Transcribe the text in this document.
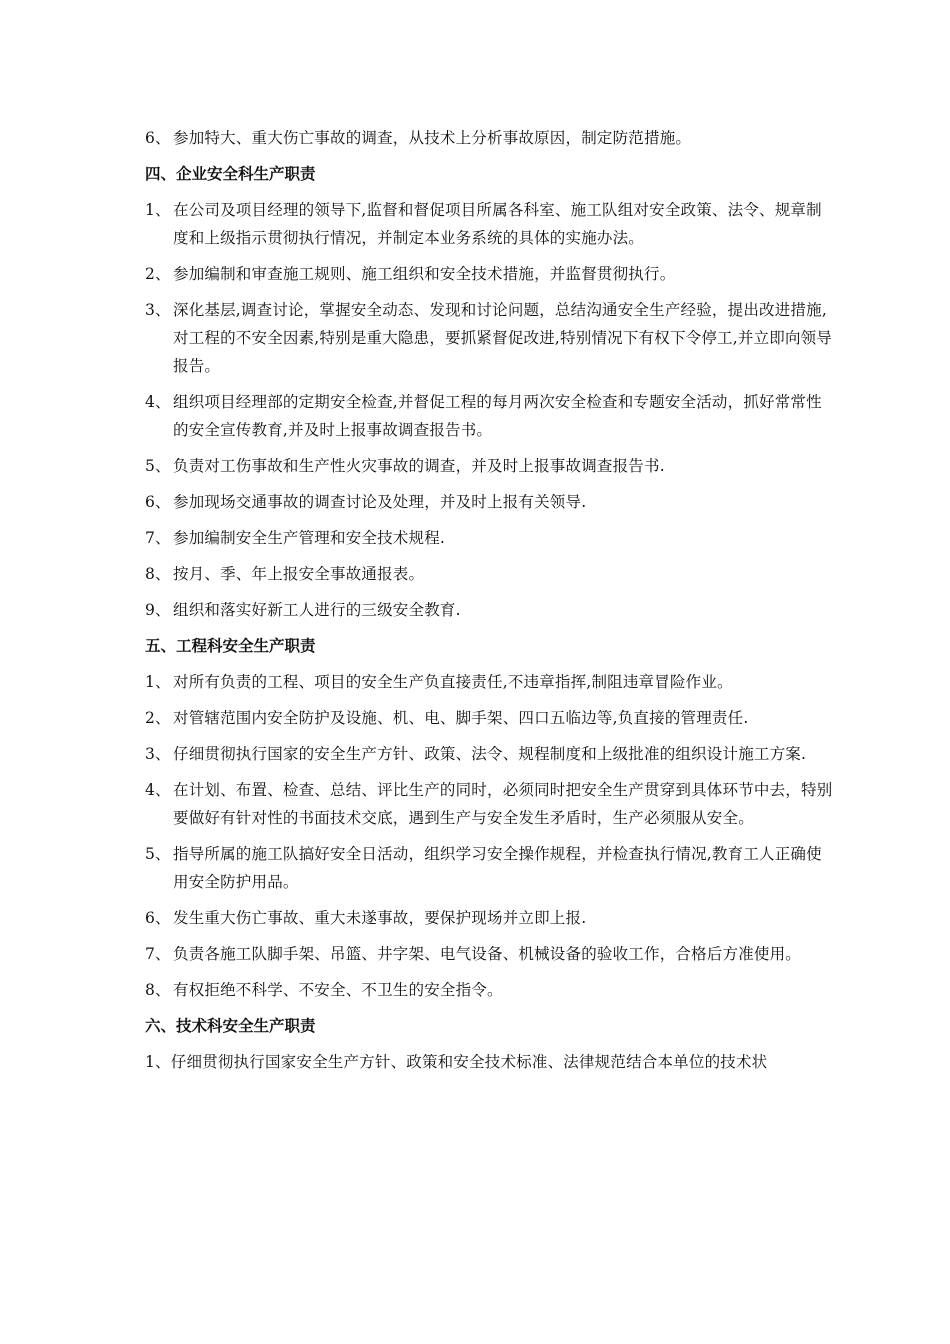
6、 参加特大、重大伤亡事故的调查，从技术上分析事故原因，制定防范措施。
四、企业安全科生产职责
1、 在公司及项目经理的领导下,监督和督促项目所属各科室、施工队组对安全政策、法令、规章制度和上级指示贯彻执行情况，并制定本业务系统的具体的实施办法。
2、 参加编制和审查施工规则、施工组织和安全技术措施，并监督贯彻执行。
3、 深化基层,调查讨论，掌握安全动态、发现和讨论问题，总结沟通安全生产经验，提出改进措施,对工程的不安全因素,特别是重大隐患，要抓紧督促改进,特别情况下有权下令停工,并立即向领导报告。
4、 组织项目经理部的定期安全检查,并督促工程的每月两次安全检查和专题安全活动，抓好常常性的安全宣传教育,并及时上报事故调查报告书。
5、 负责对工伤事故和生产性火灾事故的调查，并及时上报事故调查报告书.
6、 参加现场交通事故的调查讨论及处理，并及时上报有关领导.
7、 参加编制安全生产管理和安全技术规程.
8、 按月、季、年上报安全事故通报表。
9、 组织和落实好新工人进行的三级安全教育.
五、工程科安全生产职责
1、 对所有负责的工程、项目的安全生产负直接责任,不违章指挥,制阻违章冒险作业。
2、 对管辖范围内安全防护及设施、机、电、脚手架、四口五临边等,负直接的管理责任.
3、 仔细贯彻执行国家的安全生产方针、政策、法令、规程制度和上级批准的组织设计施工方案.
4、 在计划、布置、检查、总结、评比生产的同时，必须同时把安全生产贯穿到具体环节中去，特别要做好有针对性的书面技术交底，遇到生产与安全发生矛盾时，生产必须服从安全。
5、 指导所属的施工队搞好安全日活动，组织学习安全操作规程，并检查执行情况,教育工人正确使用安全防护用品。
6、 发生重大伤亡事故、重大未遂事故，要保护现场并立即上报.
7、 负责各施工队脚手架、吊篮、井字架、电气设备、机械设备的验收工作，合格后方准使用。
8、 有权拒绝不科学、不安全、不卫生的安全指令。
六、技术科安全生产职责
1、 仔细贯彻执行国家安全生产方针、政策和安全技术标准、法律规范结合本单位的技术状
